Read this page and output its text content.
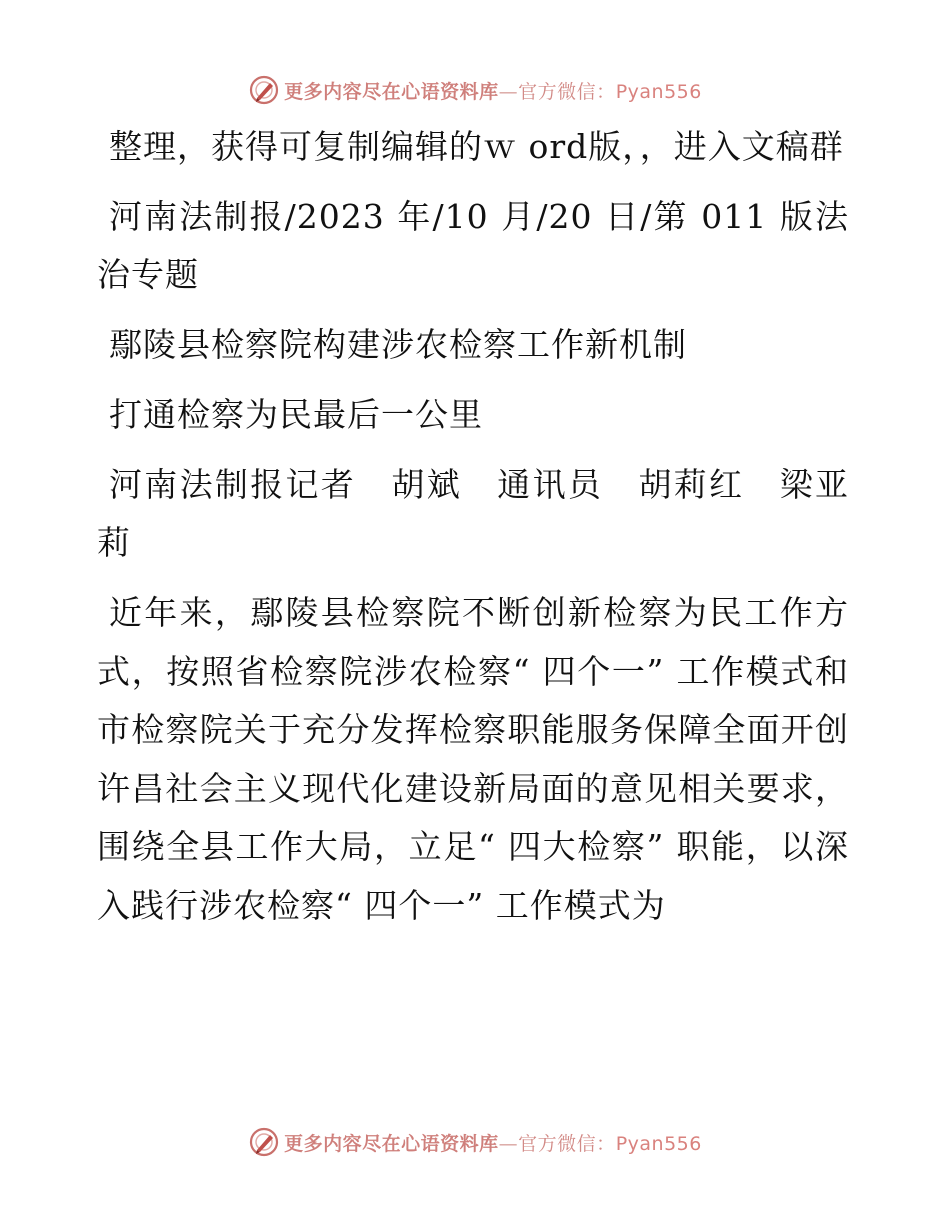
更多内容尽在心语资料库—官方微信：Pyan556

整理，获得可复制编辑的ｗ ord版，，进入文稿群

河南法制报/2023 年/10 月/20 日/第 011 版法治专题

鄢陵县检察院构建涉农检察工作新机制

打通检察为民最后一公里

河南法制报记者　胡斌　通讯员　胡莉红　梁亚莉

近年来，鄢陵县检察院不断创新检察为民工作方式，按照省检察院涉农检察“ 四个一” 工作模式和市检察院关于充分发挥检察职能服务保障全面开创许昌社会主义现代化建设新局面的意见相关要求，围绕全县工作大局，立足“ 四大检察” 职能，以深入践行涉农检察“ 四个一” 工作模式为

更多内容尽在心语资料库—官方微信：Pyan556
